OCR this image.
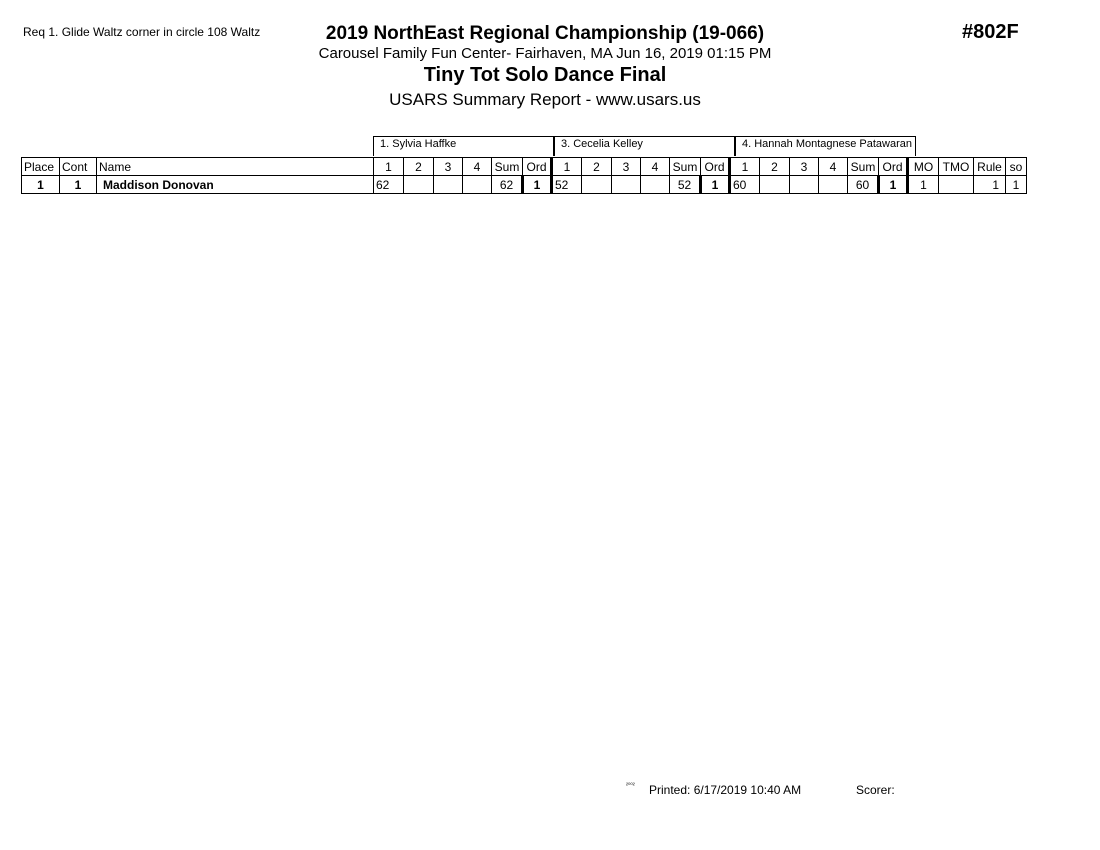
Req 1. Glide Waltz corner in circle 108 Waltz	#802F
2019 NorthEast Regional Championship (19-066)
Carousel Family Fun Center- Fairhaven, MA Jun 16, 2019 01:15 PM
Tiny Tot Solo Dance Final
USARS Summary Report - www.usars.us
1. Sylvia Haffke	3. Cecelia Kelley	4. Hannah Montagnese Patawaran
Place	Cont	Name	1	2	3	4	Sum	Ord	1	2	3	4	Sum	Ord	1	2	3	4	Sum	Ord	MO	TMO	Rule	so
1	1	Maddison Donovan	62				62	1	52				52	1	60				60	1	1		1	1
²⁰⁰² Printed: 6/17/2019 10:40 AM	Scorer:
